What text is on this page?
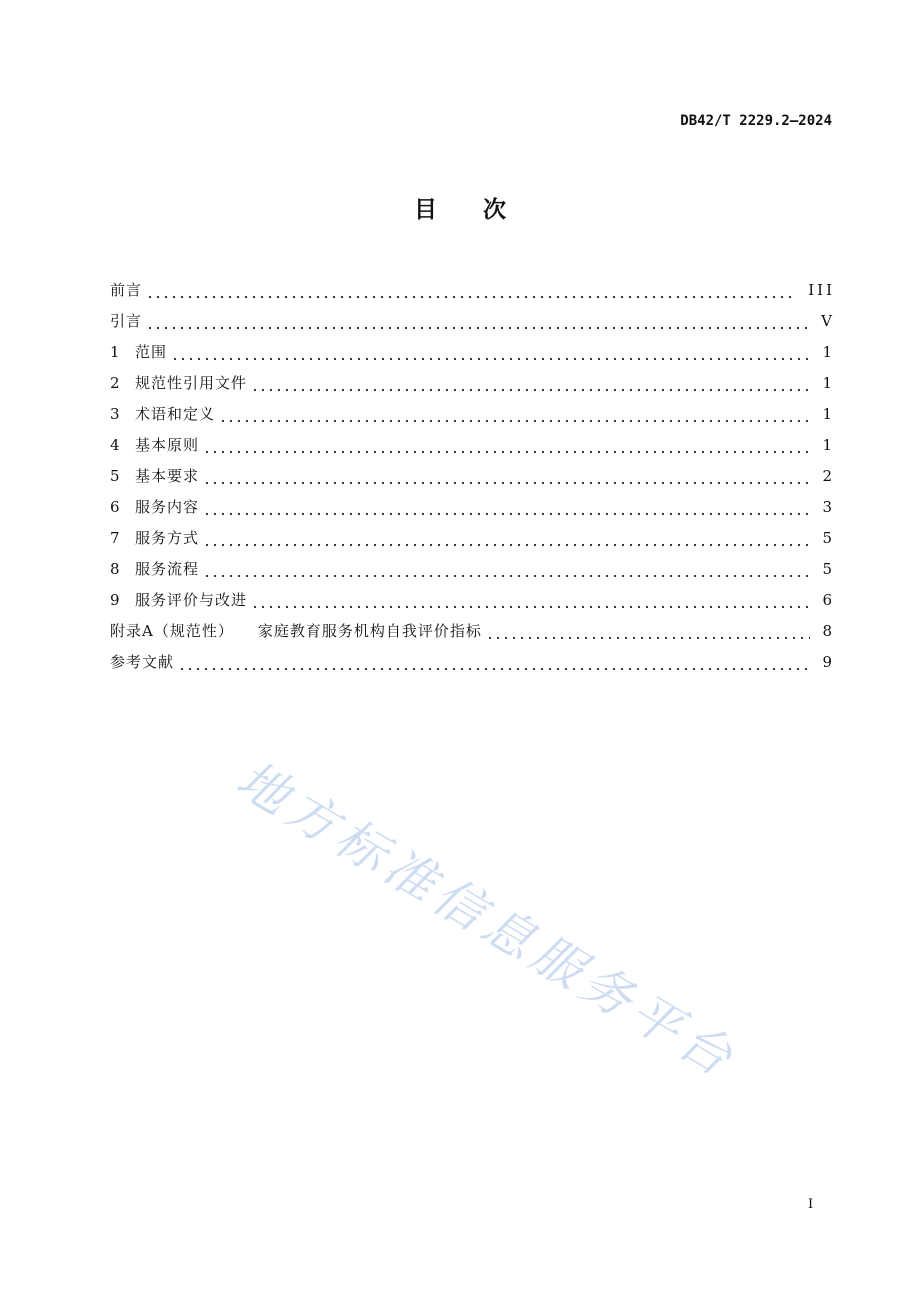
DB42/T 2229.2—2024
目　　次
前言	III
引言	V
1	范围	1
2	规范性引用文件	1
3	术语和定义	1
4	基本原则	1
5	基本要求	2
6	服务内容	3
7	服务方式	5
8	服务流程	5
9	服务评价与改进	6
附录A（规范性） 家庭教育服务机构自我评价指标	8
参考文献	9
地方标准信息服务平台
I
